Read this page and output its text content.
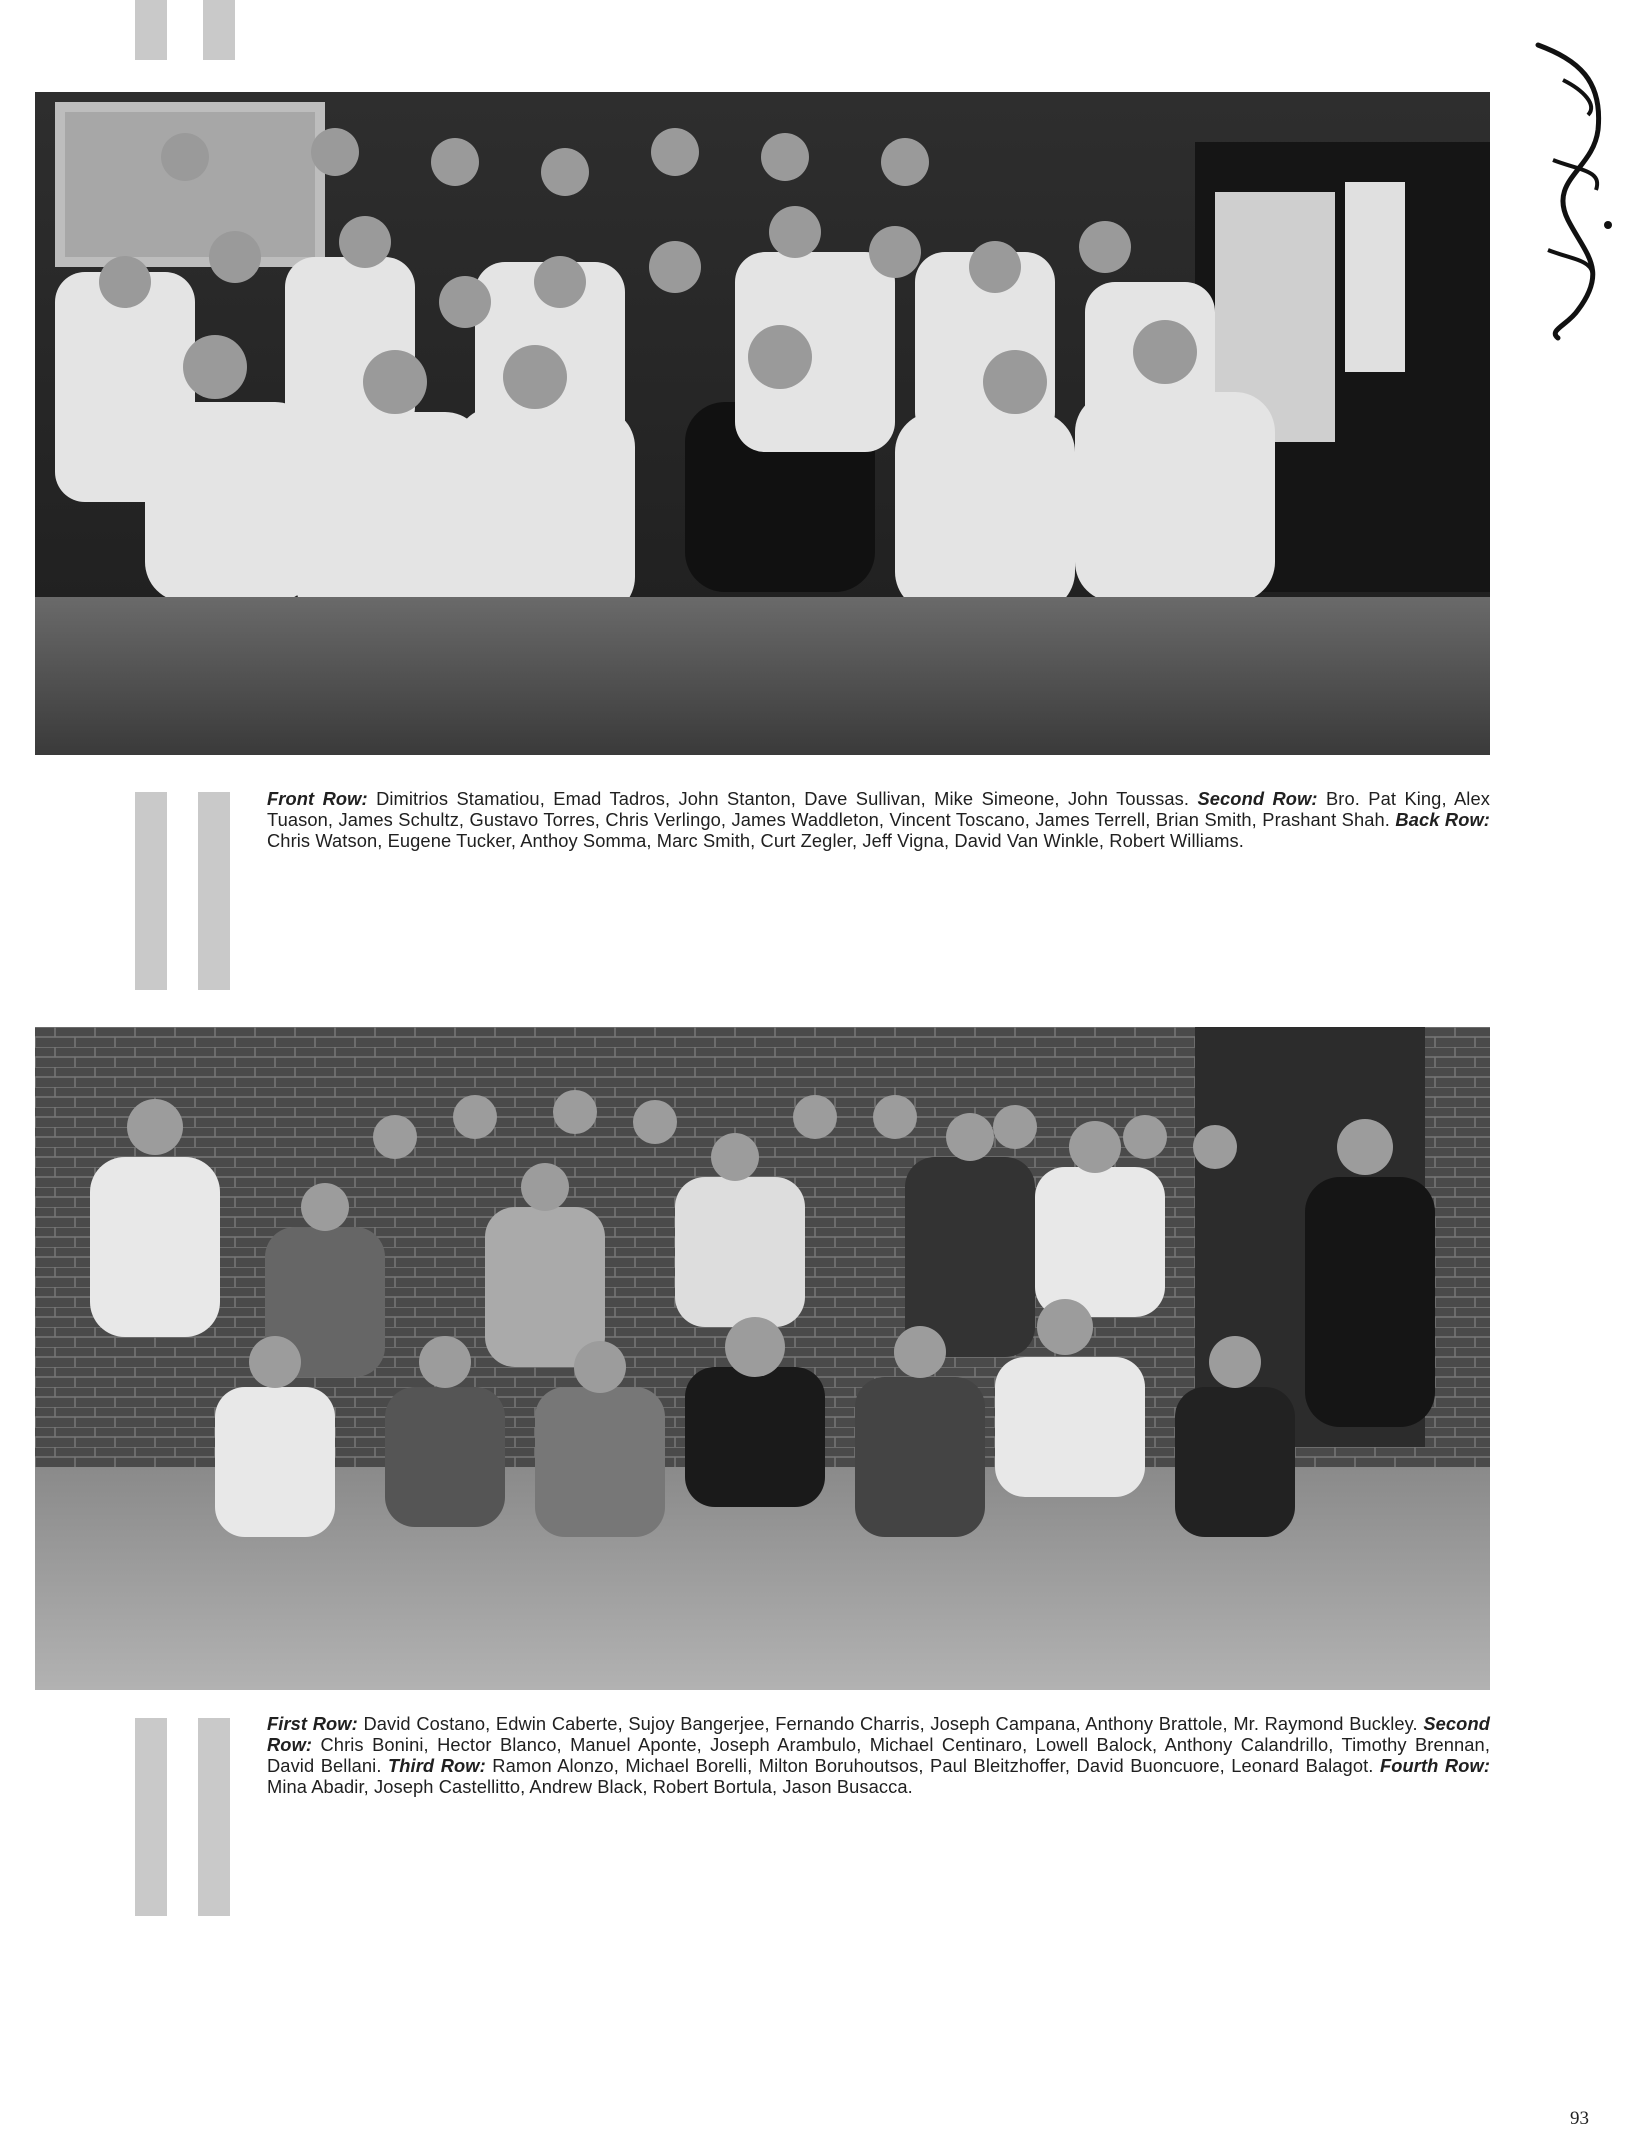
Front Row: Dimitrios Stamatiou, Emad Tadros, John Stanton, Dave Sullivan, Mike Simeone, John Toussas. Second Row: Bro. Pat King, Alex Tuason, James Schultz, Gustavo Torres, Chris Verlingo, James Waddleton, Vincent Toscano, James Terrell, Brian Smith, Prashant Shah. Back Row: Chris Watson, Eugene Tucker, Anthoy Somma, Marc Smith, Curt Zegler, Jeff Vigna, David Van Winkle, Robert Williams.
First Row: David Costano, Edwin Caberte, Sujoy Bangerjee, Fernando Charris, Joseph Campana, Anthony Brattole, Mr. Raymond Buckley. Second Row: Chris Bonini, Hector Blanco, Manuel Aponte, Joseph Arambulo, Michael Centinaro, Lowell Balock, Anthony Calandrillo, Timothy Brennan, David Bellani. Third Row: Ramon Alonzo, Michael Borelli, Milton Boruhoutsos, Paul Bleitzhoffer, David Buoncuore, Leonard Balagot. Fourth Row: Mina Abadir, Joseph Castellitto, Andrew Black, Robert Bortula, Jason Busacca.
93
